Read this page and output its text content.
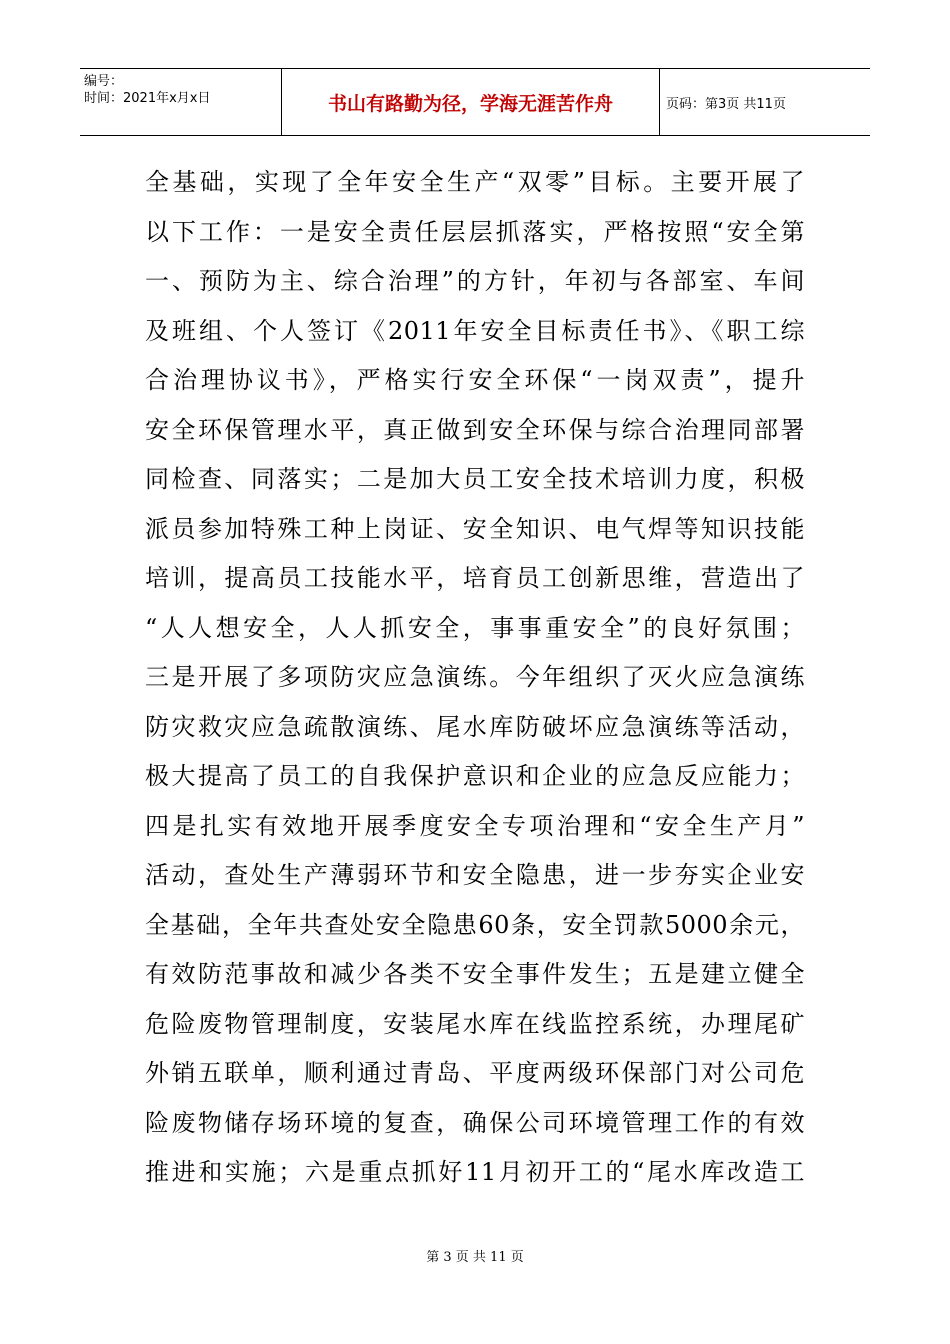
编号：
时间：2021年x月x日	书山有路勤为径，学海无涯苦作舟	页码：第3页 共11页
全基础，实现了全年安全生产“双零”目标。主要开展了
以下工作：一是安全责任层层抓落实，严格按照“安全第
一、预防为主、综合治理”的方针，年初与各部室、车间
及班组、个人签订《2011年安全目标责任书》、《职工综
合治理协议书》，严格实行安全环保“一岗双责”，提升
安全环保管理水平，真正做到安全环保与综合治理同部署
同检查、同落实；二是加大员工安全技术培训力度，积极
派员参加特殊工种上岗证、安全知识、电气焊等知识技能
培训，提高员工技能水平，培育员工创新思维，营造出了
“人人想安全，人人抓安全，事事重安全”的良好氛围；
三是开展了多项防灾应急演练。今年组织了灭火应急演练
防灾救灾应急疏散演练、尾水库防破坏应急演练等活动，
极大提高了员工的自我保护意识和企业的应急反应能力；
四是扎实有效地开展季度安全专项治理和“安全生产月”
活动，查处生产薄弱环节和安全隐患，进一步夯实企业安
全基础，全年共查处安全隐患60条，安全罚款5000余元，
有效防范事故和减少各类不安全事件发生；五是建立健全
危险废物管理制度，安装尾水库在线监控系统，办理尾矿
外销五联单，顺利通过青岛、平度两级环保部门对公司危
险废物储存场环境的复查，确保公司环境管理工作的有效
推进和实施；六是重点抓好11月初开工的“尾水库改造工
第 3 页 共 11 页
